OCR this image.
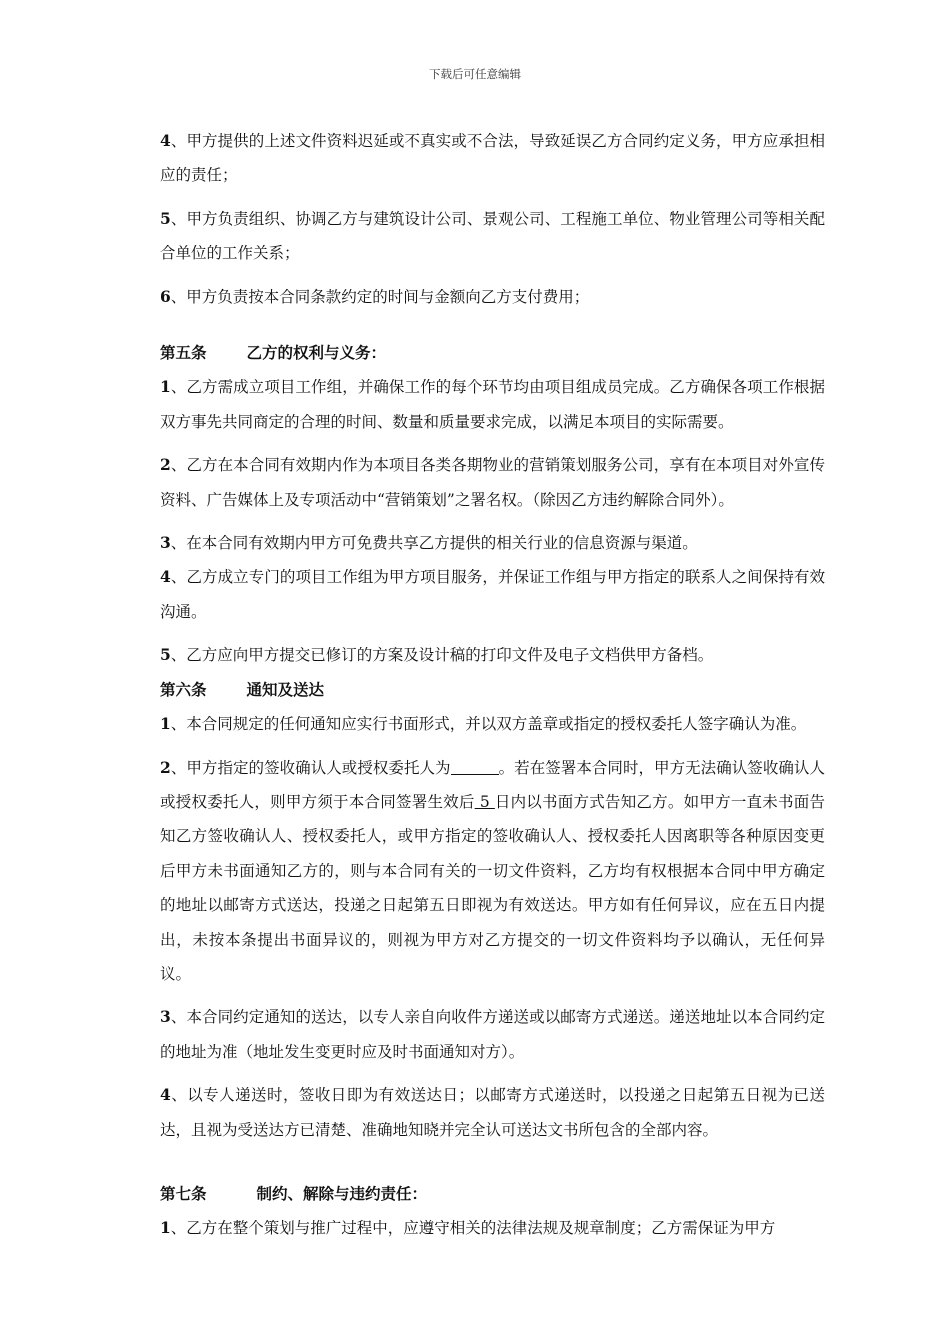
下载后可任意编辑
4、甲方提供的上述文件资料迟延或不真实或不合法，导致延误乙方合同约定义务，甲方应承担相应的责任；
5、甲方负责组织、协调乙方与建筑设计公司、景观公司、工程施工单位、物业管理公司等相关配合单位的工作关系；
6、甲方负责按本合同条款约定的时间与金额向乙方支付费用；
第五条	乙方的权利与义务：
1、乙方需成立项目工作组，并确保工作的每个环节均由项目组成员完成。乙方确保各项工作根据双方事先共同商定的合理的时间、数量和质量要求完成，以满足本项目的实际需要。
2、乙方在本合同有效期内作为本项目各类各期物业的营销策划服务公司，享有在本项目对外宣传资料、广告媒体上及专项活动中“营销策划”之署名权。（除因乙方违约解除合同外）。
3、在本合同有效期内甲方可免费共享乙方提供的相关行业的信息资源与渠道。
4、乙方成立专门的项目工作组为甲方项目服务，并保证工作组与甲方指定的联系人之间保持有效沟通。
5、乙方应向甲方提交已修订的方案及设计稿的打印文件及电子文档供甲方备档。
第六条	通知及送达
1、本合同规定的任何通知应实行书面形式，并以双方盖章或指定的授权委托人签字确认为准。
2、甲方指定的签收确认人或授权委托人为	。若在签署本合同时，甲方无法确认签收确认人或授权委托人，则甲方须于本合同签署生效后 5 日内以书面方式告知乙方。如甲方一直未书面告知乙方签收确认人、授权委托人，或甲方指定的签收确认人、授权委托人因离职等各种原因变更后甲方未书面通知乙方的，则与本合同有关的一切文件资料，乙方均有权根据本合同中甲方确定的地址以邮寄方式送达，投递之日起第五日即视为有效送达。甲方如有任何异议，应在五日内提出，未按本条提出书面异议的，则视为甲方对乙方提交的一切文件资料均予以确认，无任何异议。
3、本合同约定通知的送达，以专人亲自向收件方递送或以邮寄方式递送。递送地址以本合同约定的地址为准（地址发生变更时应及时书面通知对方）。
4、以专人递送时，签收日即为有效送达日；以邮寄方式递送时，以投递之日起第五日视为已送达，且视为受送达方已清楚、准确地知晓并完全认可送达文书所包含的全部内容。
第七条	制约、解除与违约责任：
1、乙方在整个策划与推广过程中，应遵守相关的法律法规及规章制度；乙方需保证为甲方
